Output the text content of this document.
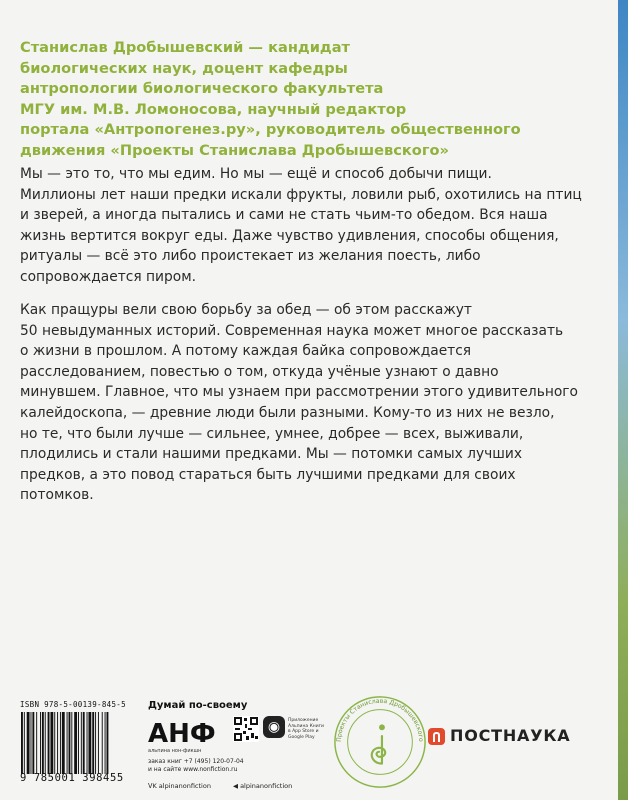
Станислав Дробышевский — кандидат
биологических наук, доцент кафедры
антропологии биологического факультета
МГУ им. М.В. Ломоносова, научный редактор
портала «Антропогенез.ру», руководитель общественного
движения «Проекты Станислава Дробышевского»
Мы — это то, что мы едим. Но мы — ещё и способ добычи пищи.
Миллионы лет наши предки искали фрукты, ловили рыб, охотились на птиц
и зверей, а иногда пытались и сами не стать чьим-то обедом. Вся наша
жизнь вертится вокруг еды. Даже чувство удивления, способы общения,
ритуалы — всё это либо проистекает из желания поесть, либо
сопровождается пиром.
Как пращуры вели свою борьбу за обед — об этом расскажут
50 невыдуманных историй. Современная наука может многое рассказать
о жизни в прошлом. А потому каждая байка сопровождается
расследованием, повестью о том, откуда учёные узнают о давно
минувшем. Главное, что мы узнаем при рассмотрении этого удивительного
калейдоскопа, — древние люди были разными. Кому-то из них не везло,
но те, что были лучше — сильнее, умнее, добрее — всех, выживали,
плодились и стали нашими предками. Мы — потомки самых лучших
предков, а это повод стараться быть лучшими предками для своих
потомков.
ISBN 978-5-00139-845-5
9 785001 398455
Думай по-своему
АНФ
альпина нон-фикшн
◉	Приложение Альпина Книги в App Store и Google Play
заказ книг +7 (495) 120-07-04
и на сайте www.nonfiction.ru
ᐯK alpinanonfiction	◀ alpinanonfiction
Проекты Станислава Дробышевского ПОСТНАУКА
